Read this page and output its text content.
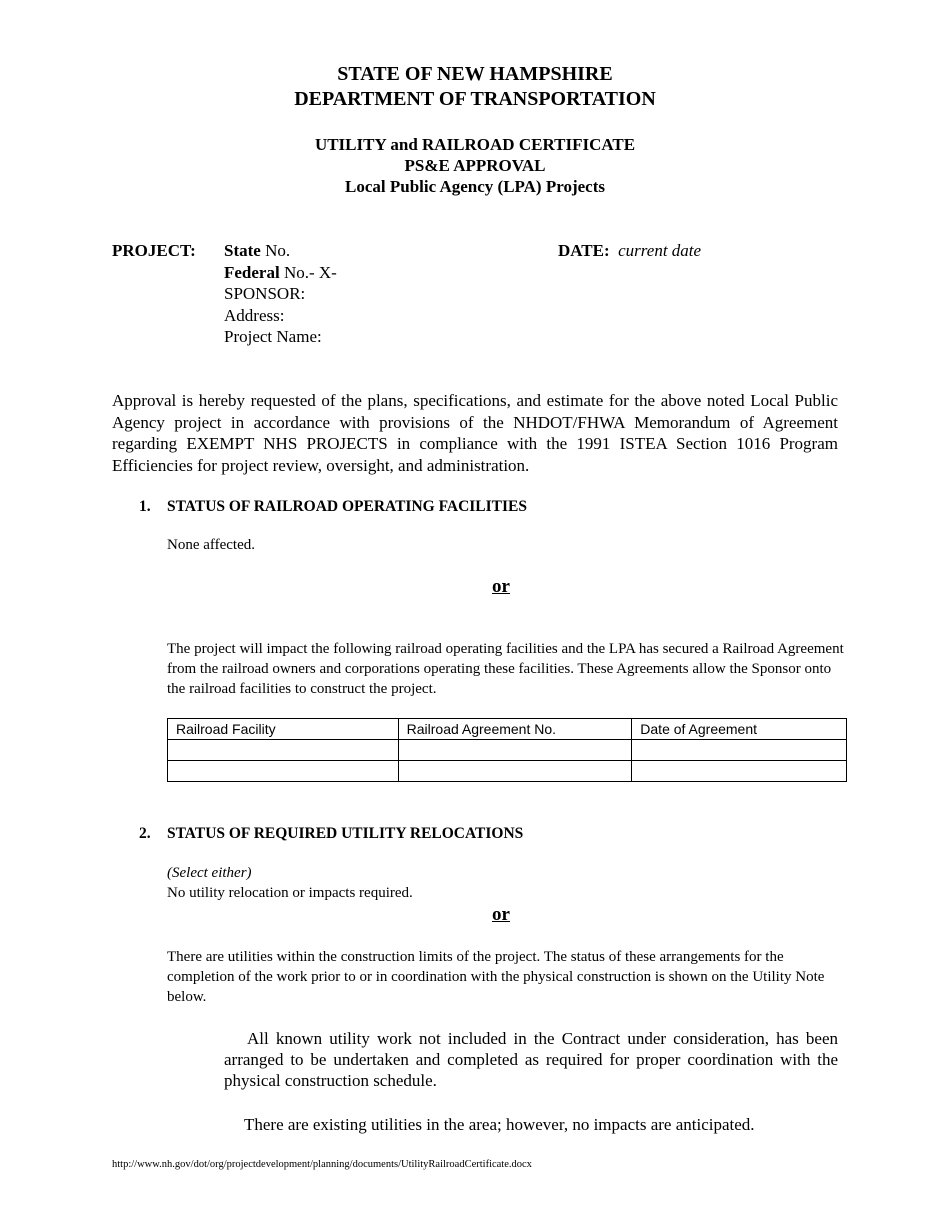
STATE OF NEW HAMPSHIRE
DEPARTMENT OF TRANSPORTATION
UTILITY and RAILROAD CERTIFICATE
PS&E APPROVAL
Local Public Agency (LPA) Projects
PROJECT: State No.
Federal No.- X-
SPONSOR:
Address:
Project Name:
DATE: current date
Approval is hereby requested of the plans, specifications, and estimate for the above noted Local Public Agency project in accordance with provisions of the NHDOT/FHWA Memorandum of Agreement regarding EXEMPT NHS PROJECTS in compliance with the 1991 ISTEA Section 1016 Program Efficiencies for project review, oversight, and administration.
1. STATUS OF RAILROAD OPERATING FACILITIES
None affected.
or
The project will impact the following railroad operating facilities and the LPA has secured a Railroad Agreement from the railroad owners and corporations operating these facilities. These Agreements allow the Sponsor onto the railroad facilities to construct the project.
Railroad Facility	Railroad Agreement No.	Date of Agreement

2. STATUS OF REQUIRED UTILITY RELOCATIONS
(Select either)
No utility relocation or impacts required.
or
There are utilities within the construction limits of the project. The status of these arrangements for the completion of the work prior to or in coordination with the physical construction is shown on the Utility Note below.
All known utility work not included in the Contract under consideration, has been arranged to be undertaken and completed as required for proper coordination with the physical construction schedule.
There are existing utilities in the area; however, no impacts are anticipated.
http://www.nh.gov/dot/org/projectdevelopment/planning/documents/UtilityRailroadCertificate.docx
